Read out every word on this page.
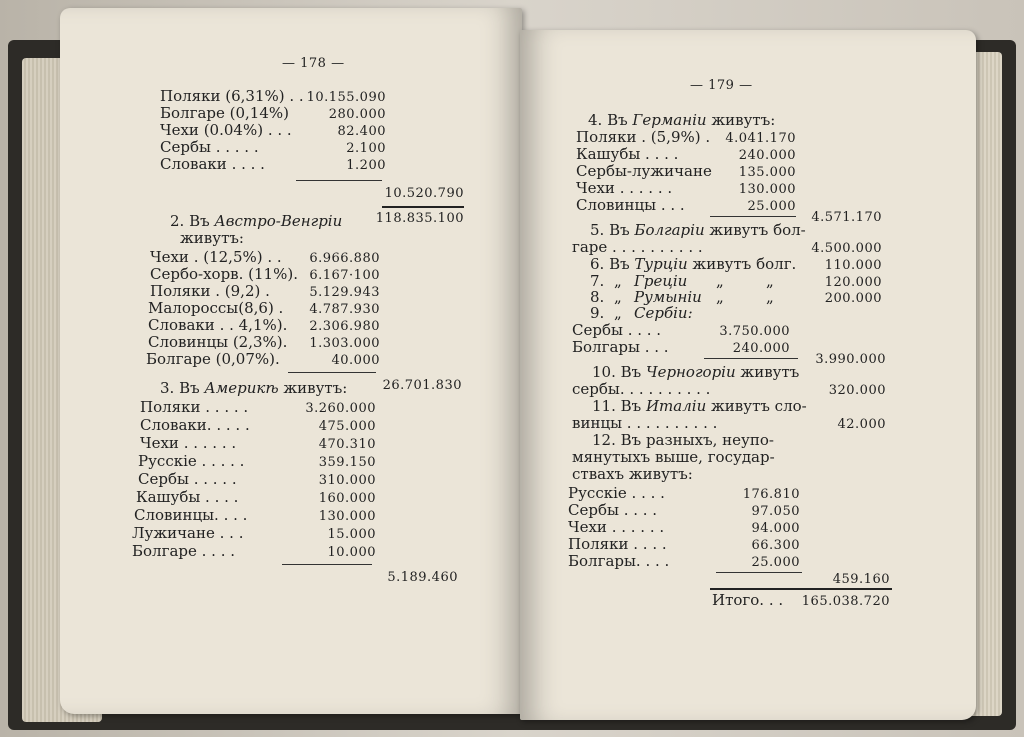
— 178 —
Поляки (6,31%) . . 10.155.090
Болгаре (0,14%)	280.000
Чехи (0.04%) . . .	82.400
Сербы . . . . .	2.100
Словаки . . . .	1.200
10.520.790
118.835.100
2. Въ Австро-Венгріи
живутъ:
Чехи . (12,5%) . .	6.966.880
Сербо-хорв. (11%). 6.167·100
Поляки . (9,2) .	5.129.943
Малороссы(8,6) .	4.787.930
Словаки . . 4,1%).	2.306.980
Словинцы (2,3%).	1.303.000
Болгаре (0,07%).	40.000
26.701.830
3. Въ Америкѣ живутъ:
Поляки . . . . .	3.260.000
Словаки. . . . .	475.000
Чехи . . . . . .	470.310
Русскіе . . . . .	359.150
Сербы . . . . .	310.000
Кашубы . . . .	160.000
Словинцы. . . .	130.000
Лужичане . . .	15.000
Болгаре . . . .	10.000
5.189.460
— 179 —
4. Въ Германіи живутъ:
Поляки . (5,9%) .	4.041.170
Кашубы . . . .	240.000
Сербы-лужичане	135.000
Чехи . . . . . .	130.000
Словинцы . . .	25.000
4.571.170
5. Въ Болгаріи живутъ бол-
гаре . . . . . . . . . .	4.500.000
6. Въ Турціи живутъ болг.	110.000
7. „ Греціи „	„	120.000
8. „ Румыніи „	„	200.000
9. „ Сербіи:
Сербы . . . .	3.750.000
Болгары . . .	240.000
3.990.000
10. Въ Черногоріи живутъ
сербы. . . . . . . . . .	320.000
11. Въ Италіи живутъ сло-
винцы . . . . . . . . . .	42.000
12. Въ разныхъ, неупо-
мянутыхъ выше, государ-
ствахъ живутъ:
Русскіе . . . .	176.810
Сербы . . . .	97.050
Чехи . . . . . .	94.000
Поляки . . . .	66.300
Болгары. . . .	25.000
459.160
Итого. . .	165.038.720
